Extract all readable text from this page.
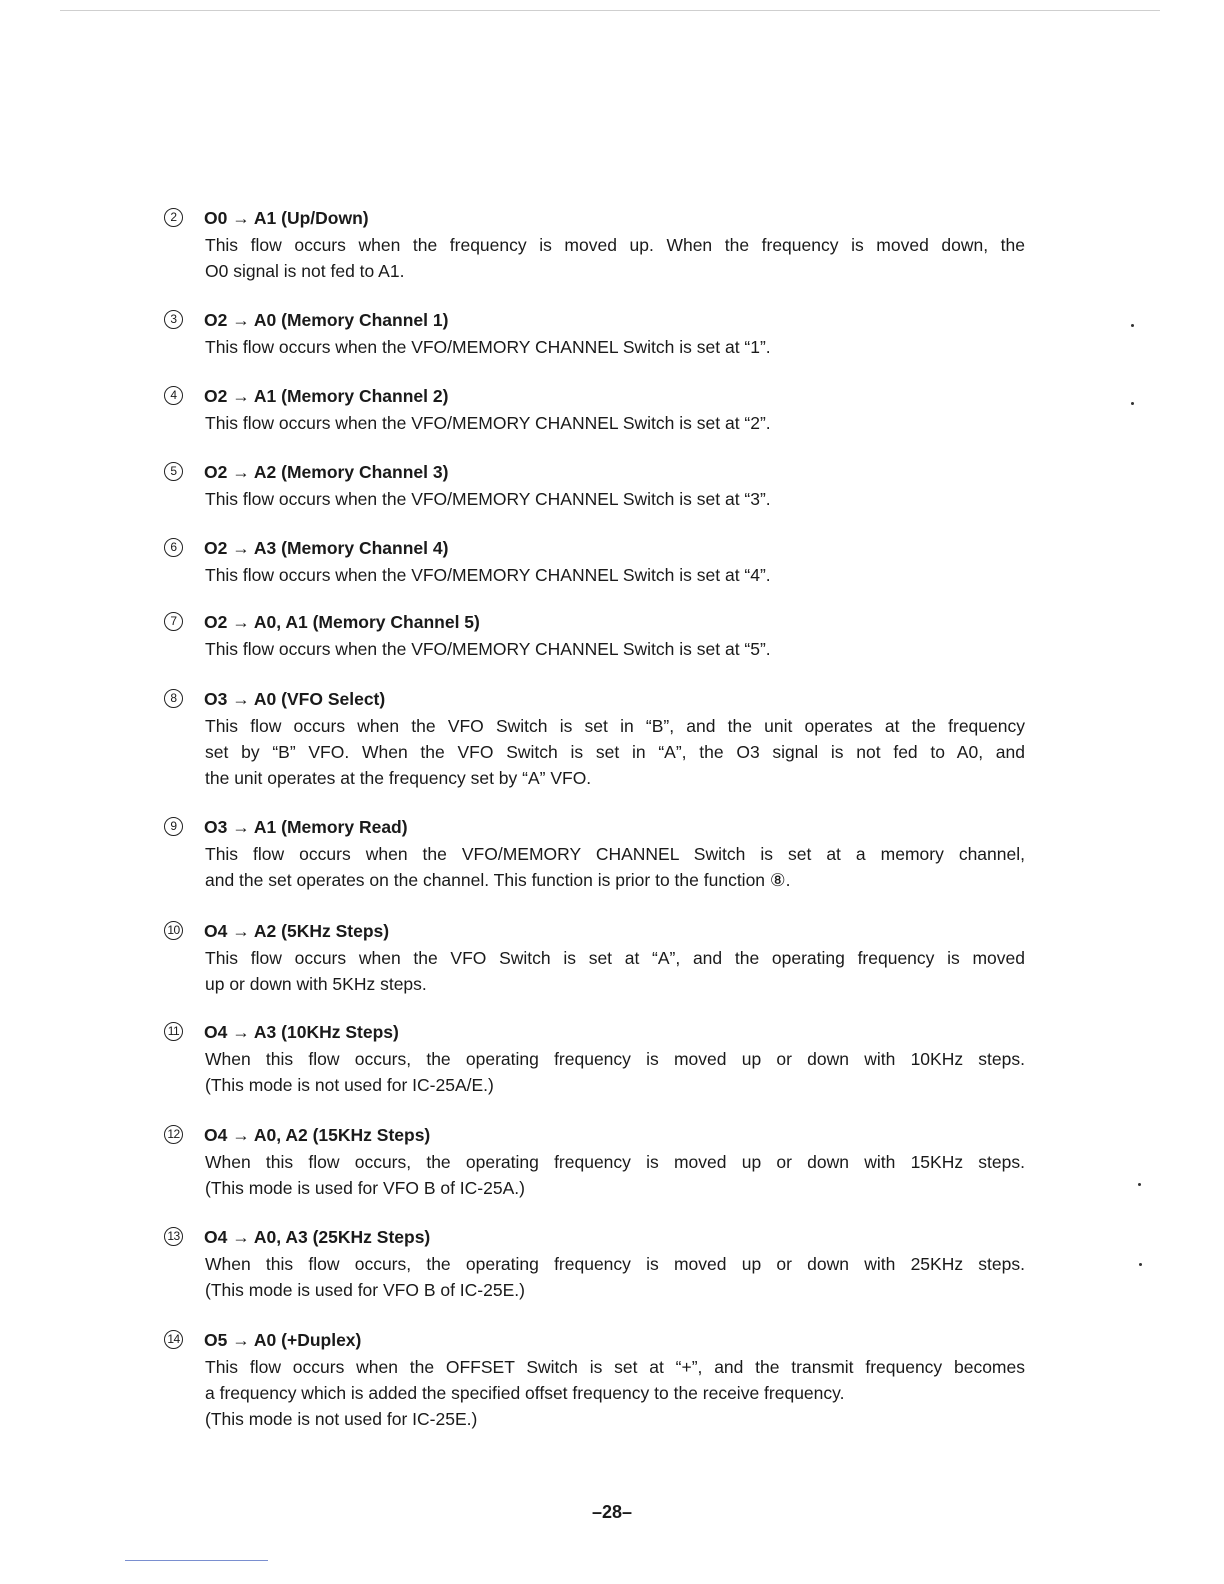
2	O0 → A1 (Up/Down)
This flow occurs when the frequency is moved up. When the frequency is moved down, the
O0 signal is not fed to A1.
3	O2 → A0 (Memory Channel 1)
This flow occurs when the VFO/MEMORY CHANNEL Switch is set at “1”.
4	O2 → A1 (Memory Channel 2)
This flow occurs when the VFO/MEMORY CHANNEL Switch is set at “2”.
5	O2 → A2 (Memory Channel 3)
This flow occurs when the VFO/MEMORY CHANNEL Switch is set at “3”.
6	O2 → A3 (Memory Channel 4)
This flow occurs when the VFO/MEMORY CHANNEL Switch is set at “4”.
7	O2 → A0, A1 (Memory Channel 5)
This flow occurs when the VFO/MEMORY CHANNEL Switch is set at “5”.
8	O3 → A0 (VFO Select)
This flow occurs when the VFO Switch is set in “B”, and the unit operates at the frequency
set by “B” VFO. When the VFO Switch is set in “A”, the O3 signal is not fed to A0, and
the unit operates at the frequency set by “A” VFO.
9	O3 → A1 (Memory Read)
This flow occurs when the VFO/MEMORY CHANNEL Switch is set at a memory channel,
and the set operates on the channel. This function is prior to the function ⑧.
10 O4 → A2 (5KHz Steps)
This flow occurs when the VFO Switch is set at “A”, and the operating frequency is moved
up or down with 5KHz steps.
11 O4 → A3 (10KHz Steps)
When this flow occurs, the operating frequency is moved up or down with 10KHz steps.
(This mode is not used for IC-25A/E.)
12 O4 → A0, A2 (15KHz Steps)
When this flow occurs, the operating frequency is moved up or down with 15KHz steps.
(This mode is used for VFO B of IC-25A.)
13 O4 → A0, A3 (25KHz Steps)
When this flow occurs, the operating frequency is moved up or down with 25KHz steps.
(This mode is used for VFO B of IC-25E.)
14 O5 → A0 (+Duplex)
This flow occurs when the OFFSET Switch is set at “+”, and the transmit frequency becomes
a frequency which is added the specified offset frequency to the receive frequency. (This mode is not used for IC-25E.)
–28–
